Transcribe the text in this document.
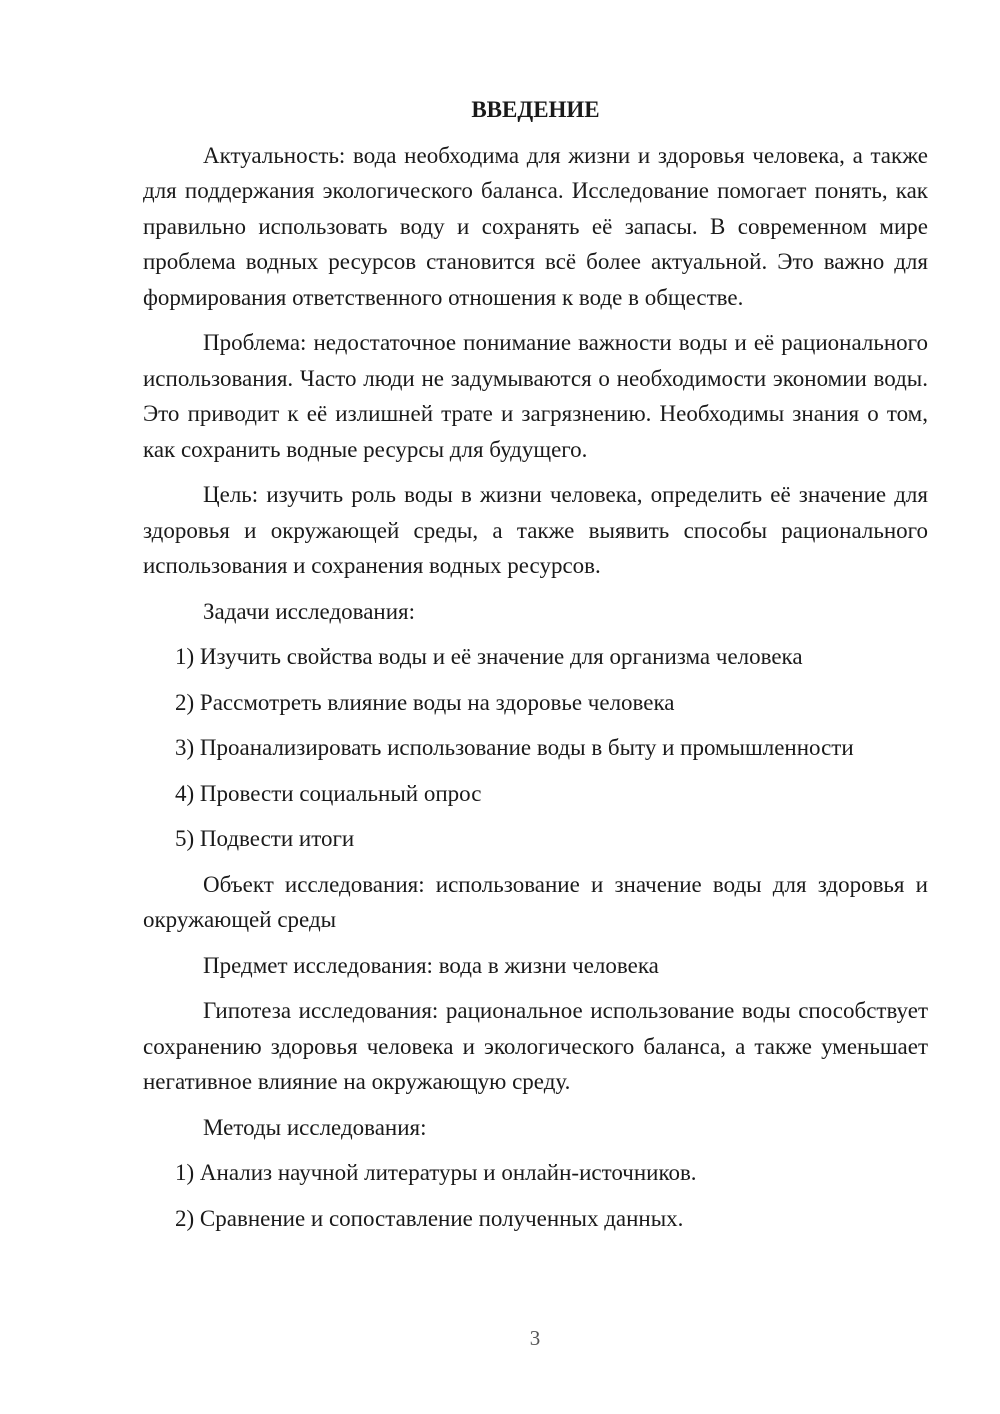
ВВЕДЕНИЕ

Актуальность: вода необходима для жизни и здоровья человека, а также для поддержания экологического баланса. Исследование помогает понять, как правильно использовать воду и сохранять её запасы. В современном мире проблема водных ресурсов становится всё более актуальной. Это важно для формирования ответственного отношения к воде в обществе.

Проблема: недостаточное понимание важности воды и её рационального использования. Часто люди не задумываются о необходимости экономии воды. Это приводит к её излишней трате и загрязнению. Необходимы знания о том, как сохранить водные ресурсы для будущего.

Цель: изучить роль воды в жизни человека, определить её значение для здоровья и окружающей среды, а также выявить способы рационального использования и сохранения водных ресурсов.

Задачи исследования:

1) Изучить свойства воды и её значение для организма человека
2) Рассмотреть влияние воды на здоровье человека
3) Проанализировать использование воды в быту и промышленности
4) Провести социальный опрос
5) Подвести итоги

Объект исследования: использование и значение воды для здоровья и окружающей среды

Предмет исследования: вода в жизни человека

Гипотеза исследования: рациональное использование воды способствует сохранению здоровья человека и экологического баланса, а также уменьшает негативное влияние на окружающую среду.

Методы исследования:

1) Анализ научной литературы и онлайн-источников.
2) Сравнение и сопоставление полученных данных.
3
